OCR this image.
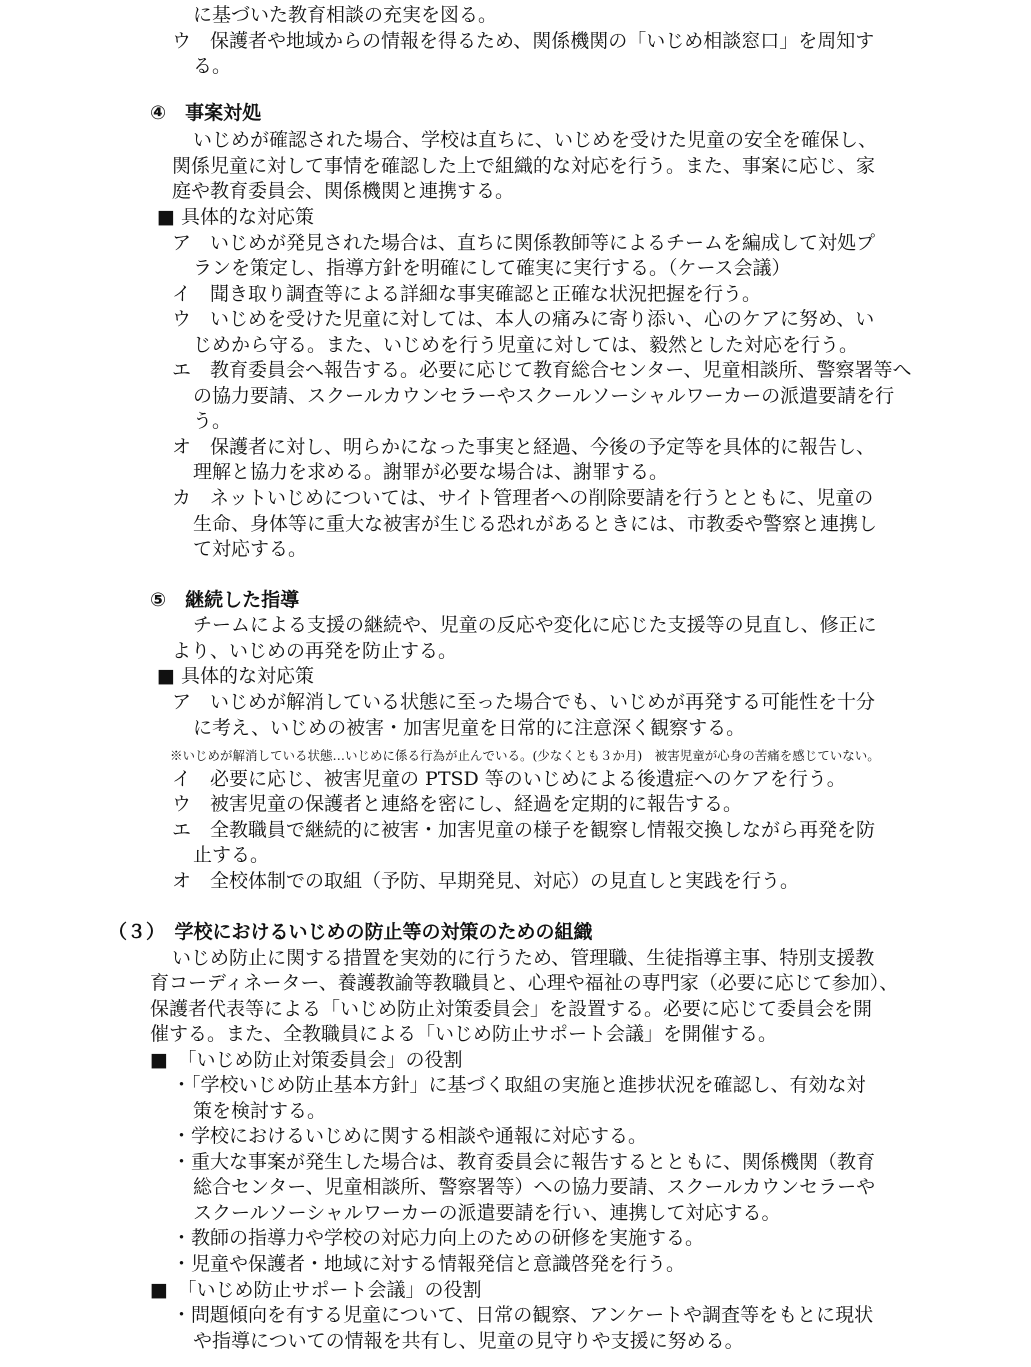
に基づいた教育相談の充実を図る。
ウ　保護者や地域からの情報を得るため、関係機関の「いじめ相談窓口」を周知す
る。
④　事案対処
いじめが確認された場合、学校は直ちに、いじめを受けた児童の安全を確保し、
関係児童に対して事情を確認した上で組織的な対応を行う。また、事案に応じ、家
庭や教育委員会、関係機関と連携する。
■ 具体的な対応策
ア　いじめが発見された場合は、直ちに関係教師等によるチームを編成して対処プ
ランを策定し、指導方針を明確にして確実に実行する。（ケース会議）
イ　聞き取り調査等による詳細な事実確認と正確な状況把握を行う。
ウ　いじめを受けた児童に対しては、本人の痛みに寄り添い、心のケアに努め、い
じめから守る。また、いじめを行う児童に対しては、毅然とした対応を行う。
エ　教育委員会へ報告する。必要に応じて教育総合センター、児童相談所、警察署等へ
の協力要請、スクールカウンセラーやスクールソーシャルワーカーの派遣要請を行
う。
オ　保護者に対し、明らかになった事実と経過、今後の予定等を具体的に報告し、
理解と協力を求める。謝罪が必要な場合は、謝罪する。
カ　ネットいじめについては、サイト管理者への削除要請を行うとともに、児童の
生命、身体等に重大な被害が生じる恐れがあるときには、市教委や警察と連携し
て対応する。
⑤　継続した指導
チームによる支援の継続や、児童の反応や変化に応じた支援等の見直し、修正に
より、いじめの再発を防止する。
■ 具体的な対応策
ア　いじめが解消している状態に至った場合でも、いじめが再発する可能性を十分
に考え、いじめの被害・加害児童を日常的に注意深く観察する。
※いじめが解消している状態…いじめに係る行為が止んでいる。(少なくとも３か月)　被害児童が心身の苦痛を感じていない。
イ　必要に応じ、被害児童の PTSD 等のいじめによる後遺症へのケアを行う。
ウ　被害児童の保護者と連絡を密にし、経過を定期的に報告する。
エ　全教職員で継続的に被害・加害児童の様子を観察し情報交換しながら再発を防
止する。
オ　全校体制での取組（予防、早期発見、対応）の見直しと実践を行う。
（３）　学校におけるいじめの防止等の対策のための組織
いじめ防止に関する措置を実効的に行うため、管理職、生徒指導主事、特別支援教
育コーディネーター、養護教諭等教職員と、心理や福祉の専門家（必要に応じて参加）、
保護者代表等による「いじめ防止対策委員会」を設置する。必要に応じて委員会を開
催する。また、全教職員による「いじめ防止サポート会議」を開催する。
■　「いじめ防止対策委員会」の役割
・「学校いじめ防止基本方針」に基づく取組の実施と進捗状況を確認し、有効な対
策を検討する。
・学校におけるいじめに関する相談や通報に対応する。
・重大な事案が発生した場合は、教育委員会に報告するとともに、関係機関（教育
総合センター、児童相談所、警察署等）への協力要請、スクールカウンセラーや
スクールソーシャルワーカーの派遣要請を行い、連携して対応する。
・教師の指導力や学校の対応力向上のための研修を実施する。
・児童や保護者・地域に対する情報発信と意識啓発を行う。
■　「いじめ防止サポート会議」の役割
・問題傾向を有する児童について、日常の観察、アンケートや調査等をもとに現状
や指導についての情報を共有し、児童の見守りや支援に努める。
